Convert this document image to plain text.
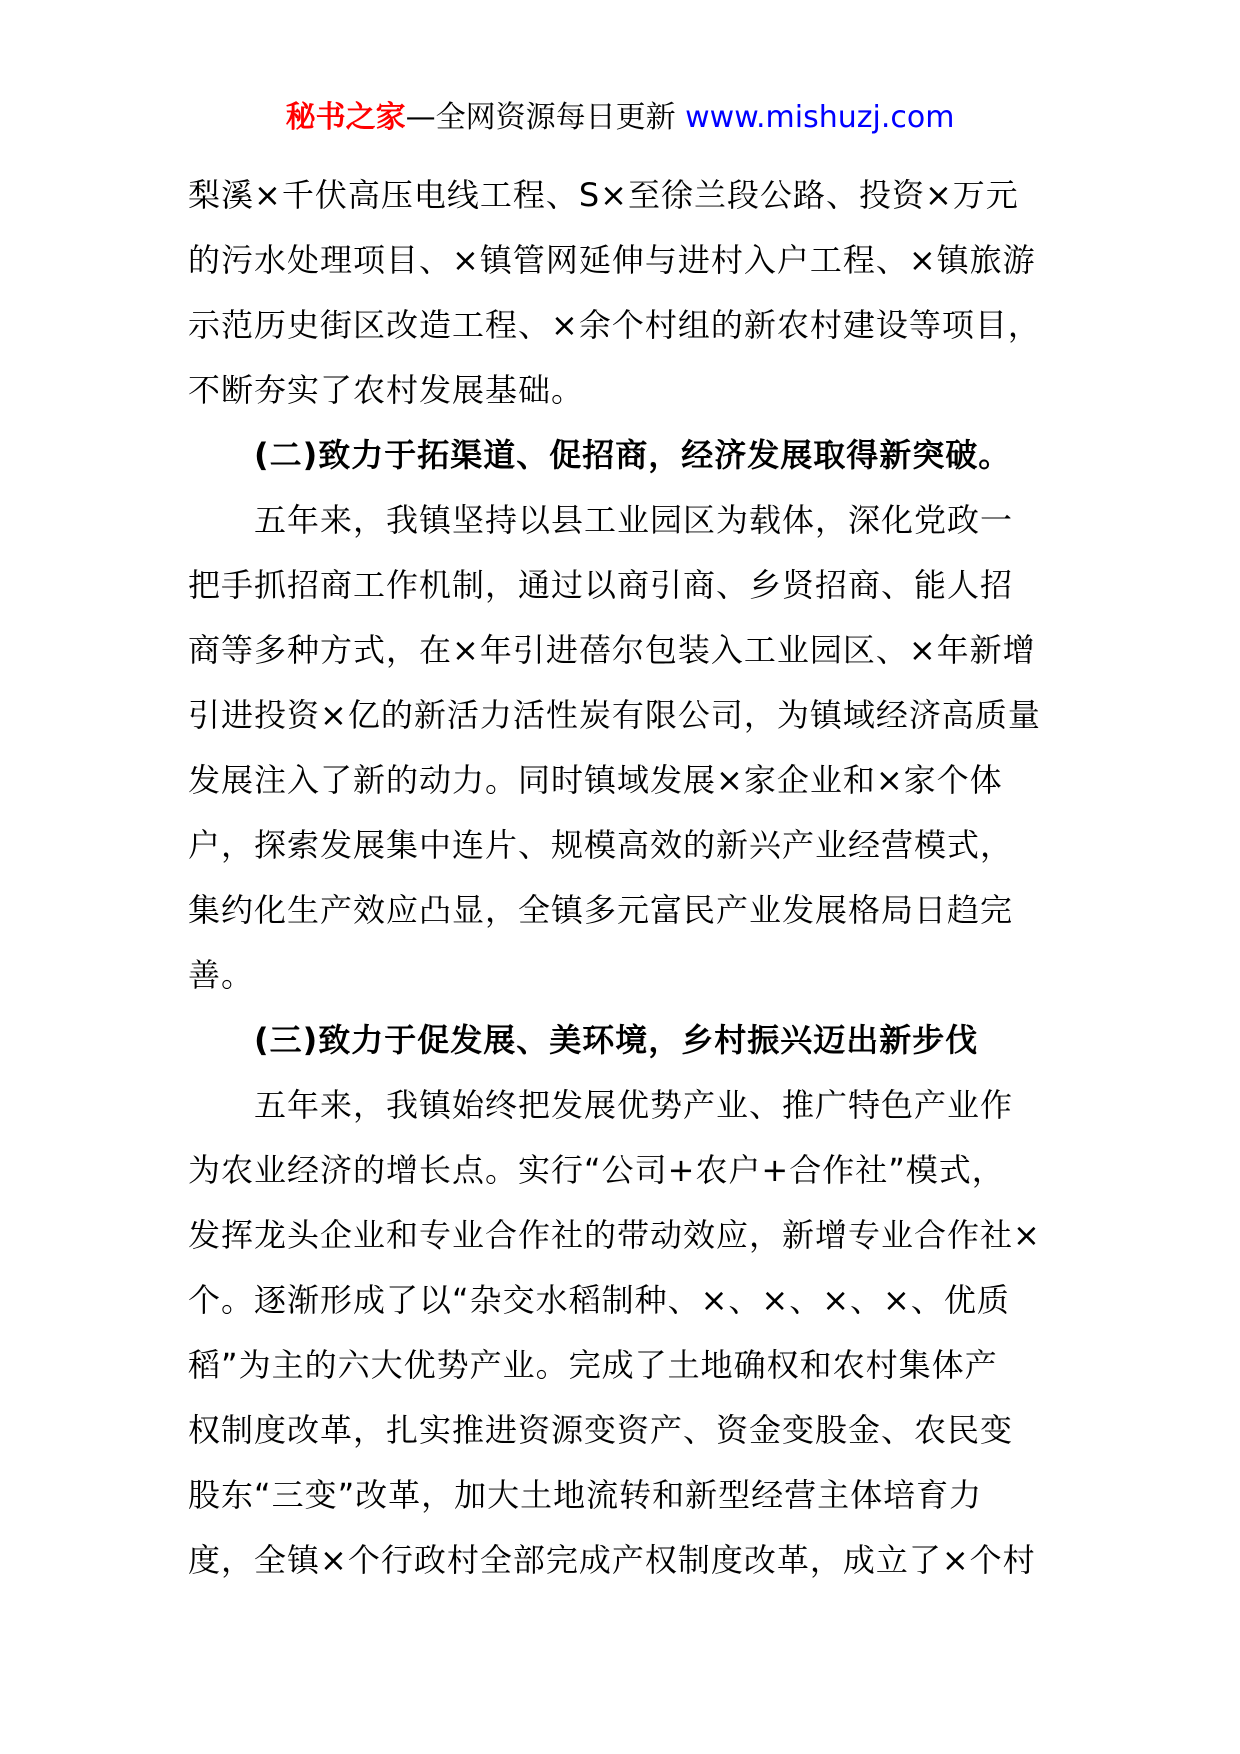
秘书之家—全网资源每日更新 www.mishuzj.com
梨溪×千伏高压电线工程、S×至徐兰段公路、投资×万元
的污水处理项目、×镇管网延伸与进村入户工程、×镇旅游
示范历史街区改造工程、×余个村组的新农村建设等项目，
不断夯实了农村发展基础。
(二)致力于拓渠道、促招商，经济发展取得新突破。
五年来，我镇坚持以县工业园区为载体，深化党政一
把手抓招商工作机制，通过以商引商、乡贤招商、能人招
商等多种方式，在×年引进蓓尔包装入工业园区、×年新增
引进投资×亿的新活力活性炭有限公司，为镇域经济高质量
发展注入了新的动力。同时镇域发展×家企业和×家个体
户，探索发展集中连片、规模高效的新兴产业经营模式，
集约化生产效应凸显，全镇多元富民产业发展格局日趋完
善。
(三)致力于促发展、美环境，乡村振兴迈出新步伐
五年来，我镇始终把发展优势产业、推广特色产业作
为农业经济的增长点。实行“公司+农户+合作社”模式，
发挥龙头企业和专业合作社的带动效应，新增专业合作社×
个。逐渐形成了以“杂交水稻制种、×、×、×、×、优质
稻”为主的六大优势产业。完成了土地确权和农村集体产
权制度改革，扎实推进资源变资产、资金变股金、农民变
股东“三变”改革，加大土地流转和新型经营主体培育力
度，全镇×个行政村全部完成产权制度改革，成立了×个村
